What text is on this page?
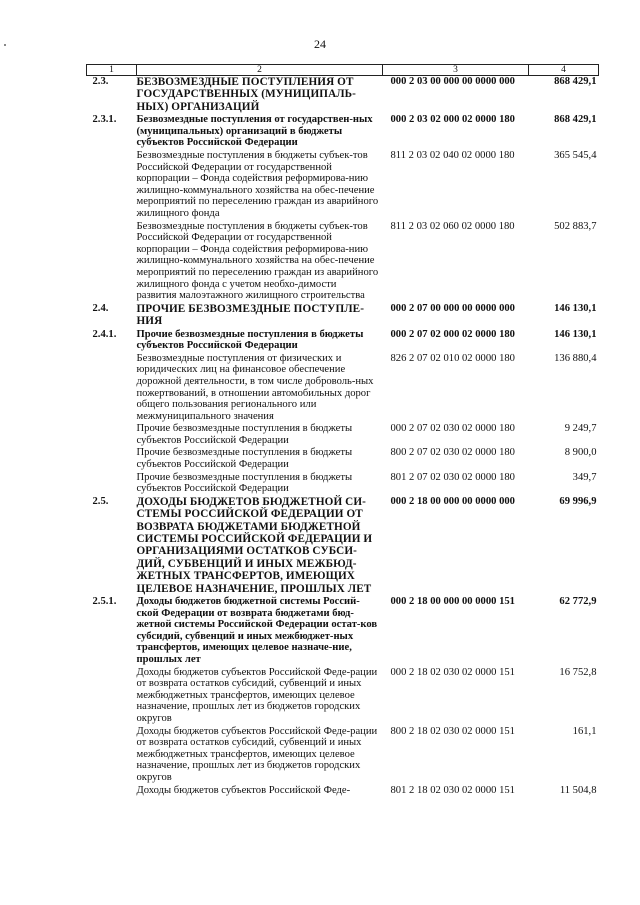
24
1	2	3	4
2.3.	БЕЗВОЗМЕЗДНЫЕ ПОСТУПЛЕНИЯ ОТ ГОСУДАРСТВЕННЫХ (МУНИЦИПАЛЬ-НЫХ) ОРГАНИЗАЦИЙ	000 2 03 00 000 00 0000 000	868 429,1
2.3.1.	Безвозмездные поступления от государствен-ных (муниципальных) организаций в бюджеты субъектов Российской Федерации	000 2 03 02 000 02 0000 180	868 429,1
	Безвозмездные поступления в бюджеты субъек-тов Российской Федерации от государственной корпорации – Фонда содействия реформирова-нию жилищно-коммунального хозяйства на обес-печение мероприятий по переселению граждан из аварийного жилищного фонда	811 2 03 02 040 02 0000 180	365 545,4
	Безвозмездные поступления в бюджеты субъек-тов Российской Федерации от государственной корпорации – Фонда содействия реформирова-нию жилищно-коммунального хозяйства на обес-печение мероприятий по переселению граждан из аварийного жилищного фонда с учетом необхо-димости развития малоэтажного жилищного строительства	811 2 03 02 060 02 0000 180	502 883,7
2.4.	ПРОЧИЕ БЕЗВОЗМЕЗДНЫЕ ПОСТУПЛЕ-НИЯ	000 2 07 00 000 00 0000 000	146 130,1
2.4.1.	Прочие безвозмездные поступления в бюджеты субъектов Российской Федерации	000 2 07 02 000 02 0000 180	146 130,1
	Безвозмездные поступления от физических и юридических лиц на финансовое обеспечение дорожной деятельности, в том числе доброволь-ных пожертвований, в отношении автомобильных дорог общего пользования регионального или межмуниципального значения	826 2 07 02 010 02 0000 180	136 880,4
	Прочие безвозмездные поступления в бюджеты субъектов Российской Федерации	000 2 07 02 030 02 0000 180	9 249,7
	Прочие безвозмездные поступления в бюджеты субъектов Российской Федерации	800 2 07 02 030 02 0000 180	8 900,0
	Прочие безвозмездные поступления в бюджеты субъектов Российской Федерации	801 2 07 02 030 02 0000 180	349,7
2.5.	ДОХОДЫ БЮДЖЕТОВ БЮДЖЕТНОЙ СИ-СТЕМЫ РОССИЙСКОЙ ФЕДЕРАЦИИ ОТ ВОЗВРАТА БЮДЖЕТАМИ БЮДЖЕТНОЙ СИСТЕМЫ РОССИЙСКОЙ ФЕДЕРАЦИИ И ОРГАНИЗАЦИЯМИ ОСТАТКОВ СУБСИ-ДИЙ, СУБВЕНЦИЙ И ИНЫХ МЕЖБЮД-ЖЕТНЫХ ТРАНСФЕРТОВ, ИМЕЮЩИХ ЦЕЛЕВОЕ НАЗНАЧЕНИЕ, ПРОШЛЫХ ЛЕТ	000 2 18 00 000 00 0000 000	69 996,9
2.5.1.	Доходы бюджетов бюджетной системы Россий-ской Федерации от возврата бюджетами бюд-жетной системы Российской Федерации остат-ков субсидий, субвенций и иных межбюджет-ных трансфертов, имеющих целевое назначе-ние, прошлых лет	000 2 18 00 000 00 0000 151	62 772,9
	Доходы бюджетов субъектов Российской Феде-рации от возврата остатков субсидий, субвенций и иных межбюджетных трансфертов, имеющих целевое назначение, прошлых лет из бюджетов городских округов	000 2 18 02 030 02 0000 151	16 752,8
	Доходы бюджетов субъектов Российской Феде-рации от возврата остатков субсидий, субвенций и иных межбюджетных трансфертов, имеющих целевое назначение, прошлых лет из бюджетов городских округов	800 2 18 02 030 02 0000 151	161,1
	Доходы бюджетов субъектов Российской Феде-	801 2 18 02 030 02 0000 151	11 504,8
